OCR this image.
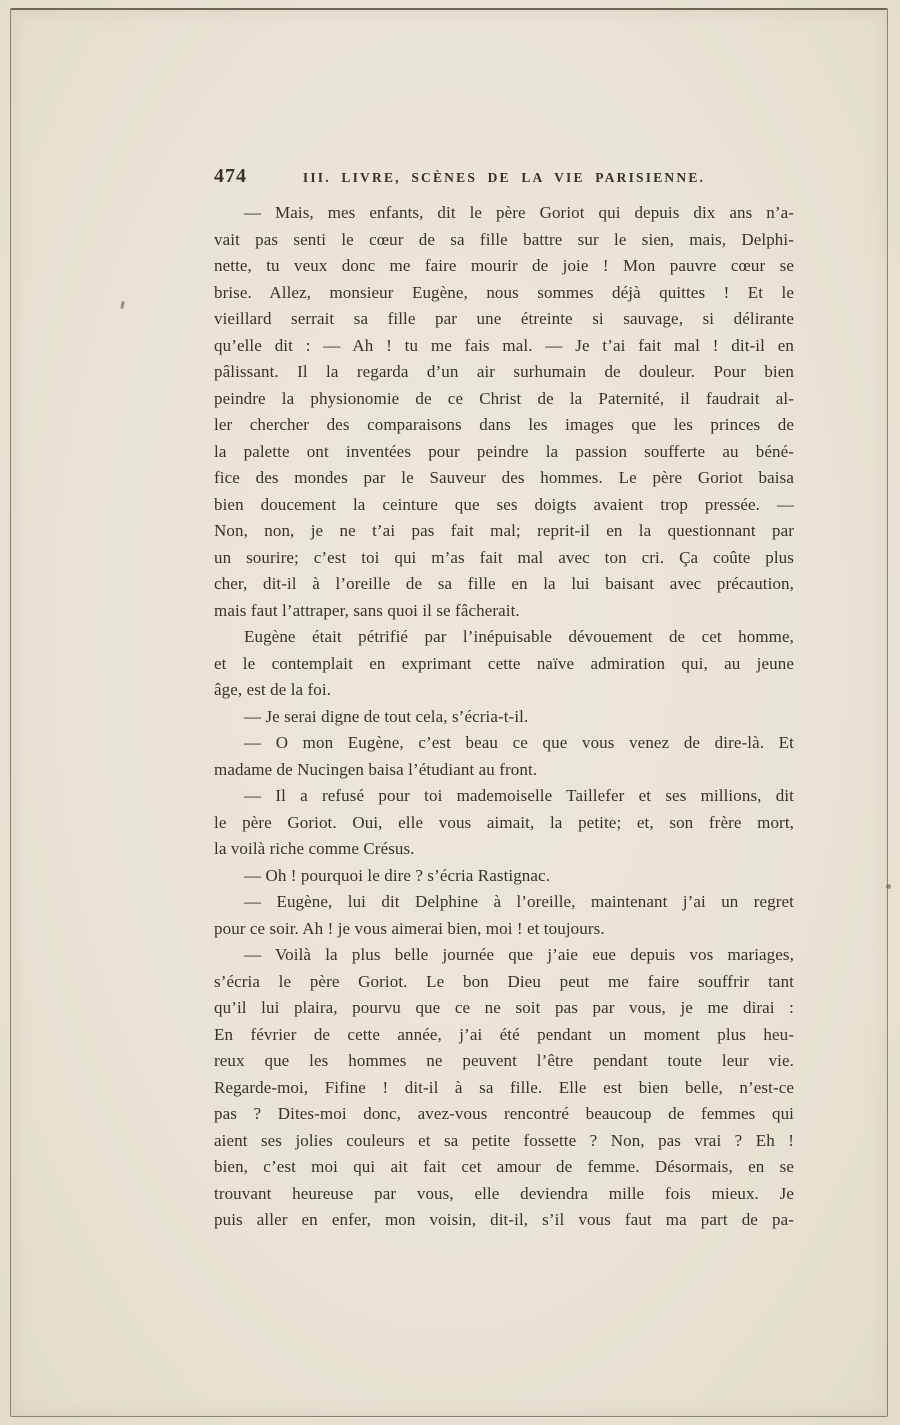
474	III. LIVRE, SCÈNES DE LA VIE PARISIENNE.
— Mais, mes enfants, dit le père Goriot qui depuis dix ans n’a-
vait pas senti le cœur de sa fille battre sur le sien, mais, Delphi-
nette, tu veux donc me faire mourir de joie ! Mon pauvre cœur se
brise. Allez, monsieur Eugène, nous sommes déjà quittes ! Et le
vieillard serrait sa fille par une étreinte si sauvage, si délirante
qu’elle dit : — Ah ! tu me fais mal. — Je t’ai fait mal ! dit-il en
pâlissant. Il la regarda d’un air surhumain de douleur. Pour bien
peindre la physionomie de ce Christ de la Paternité, il faudrait al-
ler chercher des comparaisons dans les images que les princes de
la palette ont inventées pour peindre la passion soufferte au béné-
fice des mondes par le Sauveur des hommes. Le père Goriot baisa
bien doucement la ceinture que ses doigts avaient trop pressée. —
Non, non, je ne t’ai pas fait mal; reprit-il en la questionnant par
un sourire; c’est toi qui m’as fait mal avec ton cri. Ça coûte plus
cher, dit-il à l’oreille de sa fille en la lui baisant avec précaution,
mais faut l’attraper, sans quoi il se fâcherait.
Eugène était pétrifié par l’inépuisable dévouement de cet homme,
et le contemplait en exprimant cette naïve admiration qui, au jeune
âge, est de la foi.
— Je serai digne de tout cela, s’écria-t-il.
— O mon Eugène, c’est beau ce que vous venez de dire-là. Et
madame de Nucingen baisa l’étudiant au front.
— Il a refusé pour toi mademoiselle Taillefer et ses millions, dit
le père Goriot. Oui, elle vous aimait, la petite; et, son frère mort,
la voilà riche comme Crésus.
— Oh ! pourquoi le dire ? s’écria Rastignac.
— Eugène, lui dit Delphine à l’oreille, maintenant j’ai un regret
pour ce soir. Ah ! je vous aimerai bien, moi ! et toujours.
— Voilà la plus belle journée que j’aie eue depuis vos mariages,
s’écria le père Goriot. Le bon Dieu peut me faire souffrir tant
qu’il lui plaira, pourvu que ce ne soit pas par vous, je me dirai :
En février de cette année, j’ai été pendant un moment plus heu-
reux que les hommes ne peuvent l’être pendant toute leur vie.
Regarde-moi, Fifine ! dit-il à sa fille. Elle est bien belle, n’est-ce
pas ? Dites-moi donc, avez-vous rencontré beaucoup de femmes qui
aient ses jolies couleurs et sa petite fossette ? Non, pas vrai ? Eh !
bien, c’est moi qui ait fait cet amour de femme. Désormais, en se
trouvant heureuse par vous, elle deviendra mille fois mieux. Je
puis aller en enfer, mon voisin, dit-il, s’il vous faut ma part de pa-
